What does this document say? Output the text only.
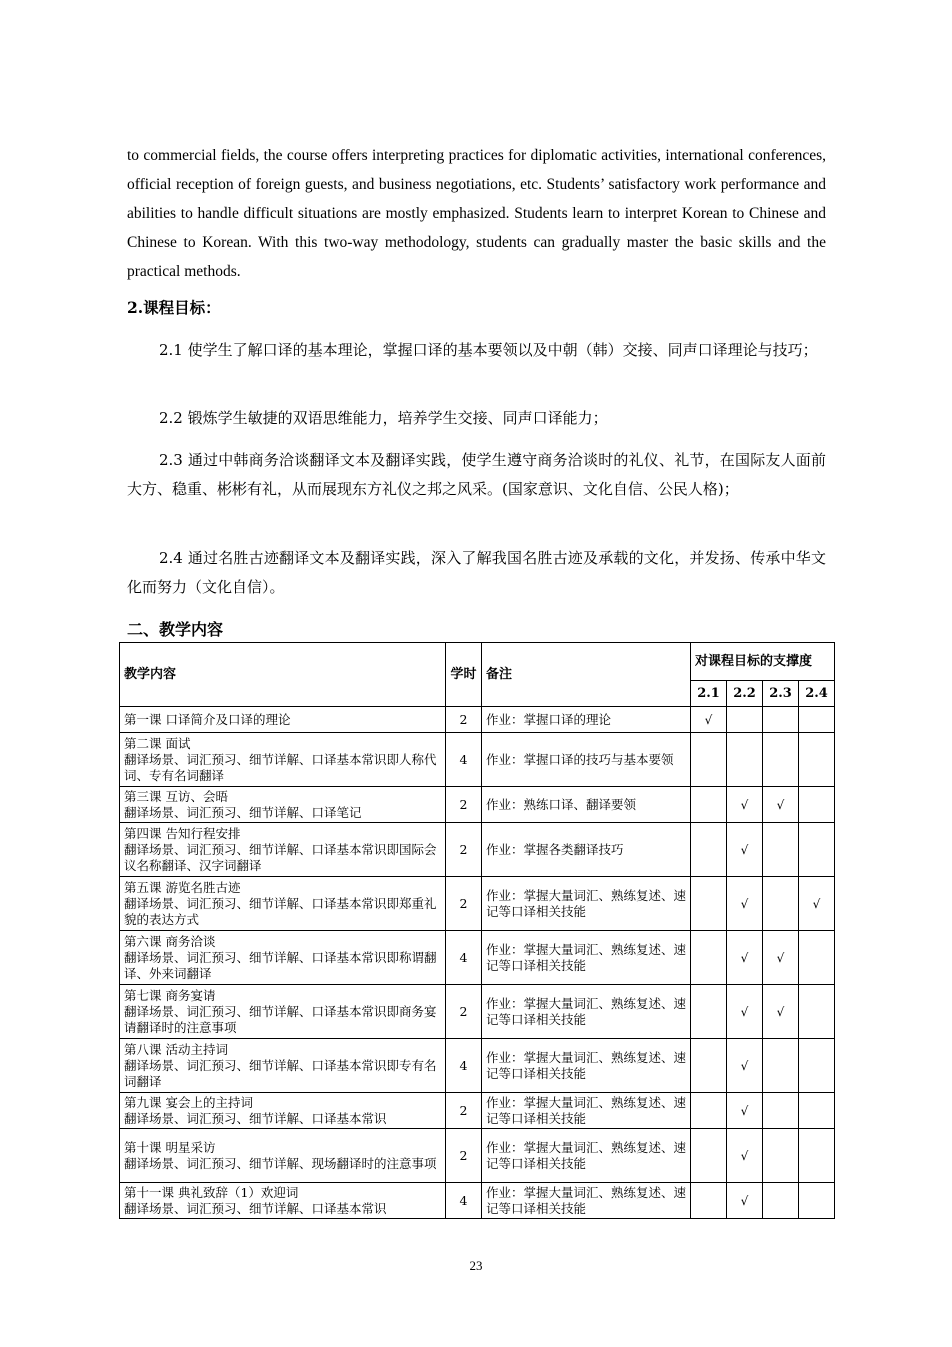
to commercial fields, the course offers interpreting practices for diplomatic activities, international conferences, official reception of foreign guests, and business negotiations, etc. Students’ satisfactory work performance and abilities to handle difficult situations are mostly emphasized. Students learn to interpret Korean to Chinese and Chinese to Korean. With this two-way methodology, students can gradually master the basic skills and the practical methods.

2.课程目标：

2.1 使学生了解口译的基本理论，掌握口译的基本要领以及中朝（韩）交接、同声口译理论与技巧；

2.2 锻炼学生敏捷的双语思维能力，培养学生交接、同声口译能力；

2.3 通过中韩商务洽谈翻译文本及翻译实践，使学生遵守商务洽谈时的礼仪、礼节，在国际友人面前大方、稳重、彬彬有礼，从而展现东方礼仪之邦之风采。(国家意识、文化自信、公民人格)；

2.4 通过名胜古迹翻译文本及翻译实践，深入了解我国名胜古迹及承载的文化，并发扬、传承中华文化而努力（文化自信）。

二、教学内容

教学内容	学时	备注	对课程目标的支撑度			
			2.1	2.2	2.3	2.4
第一课 口译简介及口译的理论	2	作业：掌握口译的理论	√			
第二课 面试
翻译场景、词汇预习、细节详解、口译基本常识即人称代词、专有名词翻译	4	作业：掌握口译的技巧与基本要领				
第三课 互访、会晤
翻译场景、词汇预习、细节详解、口译笔记	2	作业：熟练口译、翻译要领		√	√	
第四课 告知行程安排
翻译场景、词汇预习、细节详解、口译基本常识即国际会议名称翻译、汉字词翻译	2	作业：掌握各类翻译技巧		√		
第五课 游览名胜古迹
翻译场景、词汇预习、细节详解、口译基本常识即郑重礼貌的表达方式	2	作业：掌握大量词汇、熟练复述、速记等口译相关技能		√		√
第六课 商务洽谈
翻译场景、词汇预习、细节详解、口译基本常识即称谓翻译、外来词翻译	4	作业：掌握大量词汇、熟练复述、速记等口译相关技能		√	√	
第七课 商务宴请
翻译场景、词汇预习、细节详解、口译基本常识即商务宴请翻译时的注意事项	2	作业：掌握大量词汇、熟练复述、速记等口译相关技能		√	√	
第八课 活动主持词
翻译场景、词汇预习、细节详解、口译基本常识即专有名词翻译	4	作业：掌握大量词汇、熟练复述、速记等口译相关技能		√		
第九课 宴会上的主持词
翻译场景、词汇预习、细节详解、口译基本常识	2	作业：掌握大量词汇、熟练复述、速记等口译相关技能		√		
第十课 明星采访
翻译场景、词汇预习、细节详解、现场翻译时的注意事项	2	作业：掌握大量词汇、熟练复述、速记等口译相关技能		√		
第十一课 典礼致辞（1）欢迎词
翻译场景、词汇预习、细节详解、口译基本常识	4	作业：掌握大量词汇、熟练复述、速记等口译相关技能		√		
23
